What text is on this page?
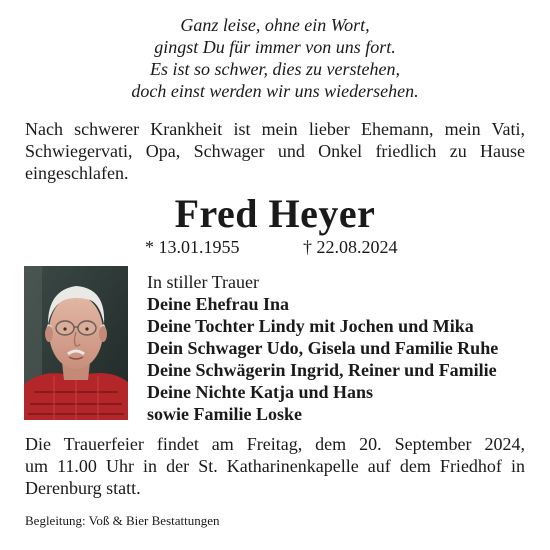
Ganz leise, ohne ein Wort,
gingst Du für immer von uns fort.
Es ist so schwer, dies zu verstehen,
doch einst werden wir uns wiedersehen.
Nach schwerer Krankheit ist mein lieber Ehemann, mein Vati,
Schwiegervati, Opa, Schwager und Onkel friedlich zu Hause
eingeschlafen.
Fred Heyer
* 13.01.1955	† 22.08.2024
In stiller Trauer
Deine Ehefrau Ina
Deine Tochter Lindy mit Jochen und Mika
Dein Schwager Udo, Gisela und Familie Ruhe
Deine Schwägerin Ingrid, Reiner und Familie
Deine Nichte Katja und Hans
sowie Familie Loske
Die Trauerfeier findet am Freitag, dem 20. September 2024,
um 11.00 Uhr in der St. Katharinenkapelle auf dem Friedhof in
Derenburg statt.
Begleitung: Voß & Bier Bestattungen
